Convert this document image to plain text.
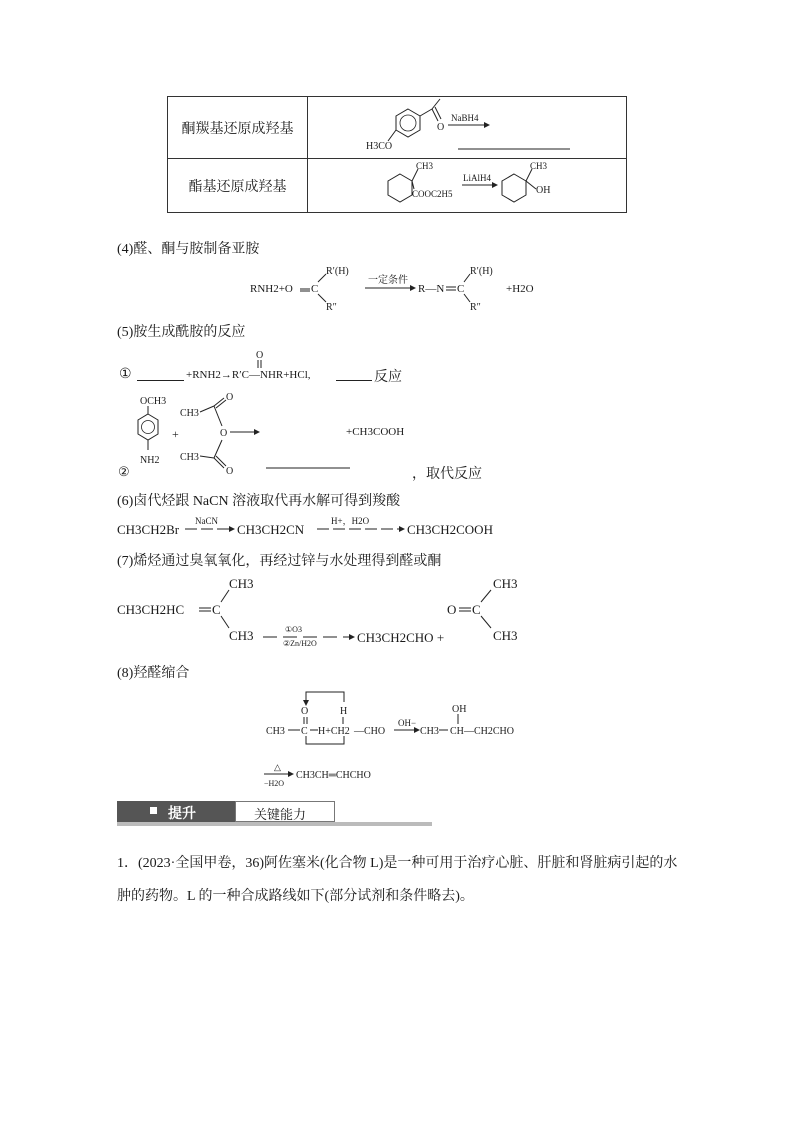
酮羰基还原成羟基	O
H3CO
NaBH4

酯基还原成羟基	CH3
COOC2H5
LiAlH4
CH3
OH
(4)醛、酮与胺制备亚胺
RNH2+O C
R′(H)
R″
一定条件
R—N C
R′(H)
R″
+H2O
(5)胺生成酰胺的反应
①
O
+RNH2→R′C—NHR+HCl,	反应
OCH3
NH2
②
+
CH3
O
O
CH3
O
+CH3COOH
，取代反应
(6)卤代烃跟 NaCN 溶液取代再水解可得到羧酸
CH3CH2Br
NaCN
CH3CH2CN
H+，H2O
CH3CH2COOH
(7)烯烃通过臭氧氧化，再经过锌与水处理得到醛或酮
CH3CH2HC C
CH3
CH3	①O3
②Zn/H2O	CH3CH2CHO +
O C
CH3
CH3
(8)羟醛缩合
O	H
CH3 C H+CH2 —CHO
OH−
CH3 CH
OH
—CH2CHO
△
−H2O
CH3CH═CHCHO
提升	关键能力
1．(2023·全国甲卷，36)阿佐塞米(化合物 L)是一种可用于治疗心脏、肝脏和肾脏病引起的水
肿的药物。L 的一种合成路线如下(部分试剂和条件略去)。
